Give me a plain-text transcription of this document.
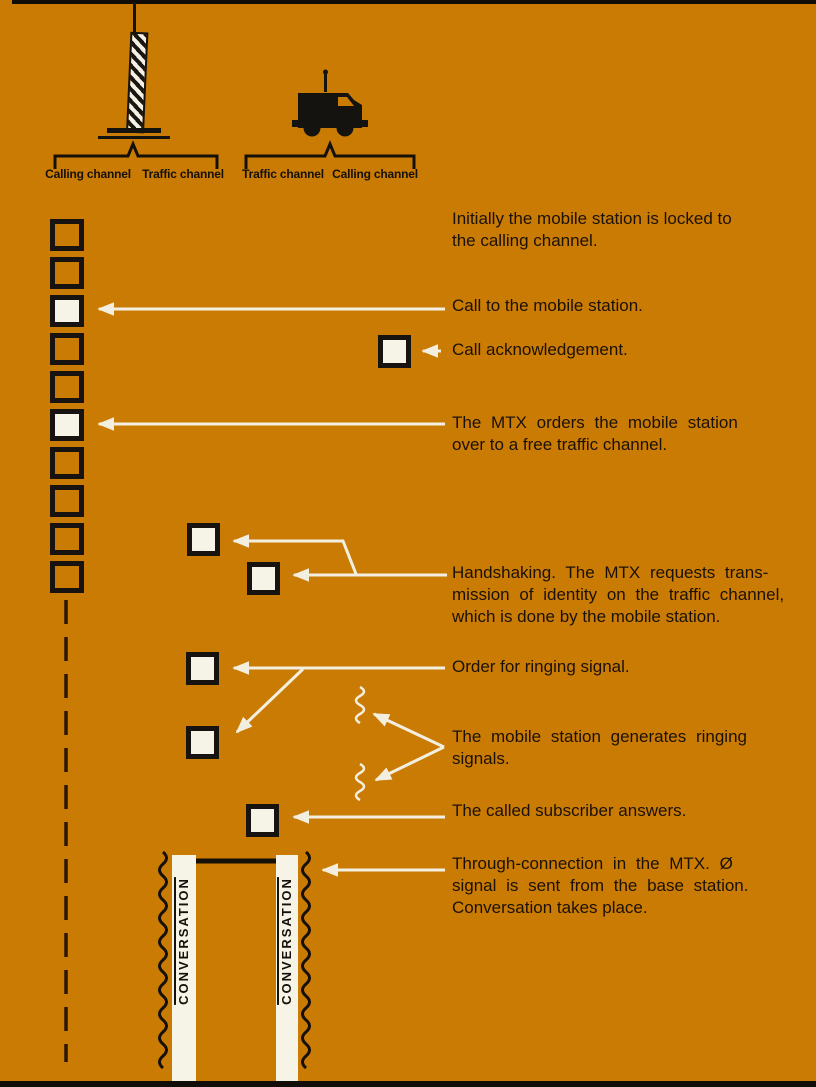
Calling channel Traffic channel Traffic channel Calling channel
CONVERSATION	CONVERSATION
Initially the mobile station is locked to
the calling channel.
Call to the mobile station.
Call acknowledgement.
The MTX orders the mobile station
over to a free traffic channel.
Handshaking. The MTX requests trans-
mission of identity on the traffic channel,
which is done by the mobile station.
Order for ringing signal.
The mobile station generates ringing
signals.
The called subscriber answers.
Through-connection in the MTX. Ø
signal is sent from the base station.
Conversation takes place.
